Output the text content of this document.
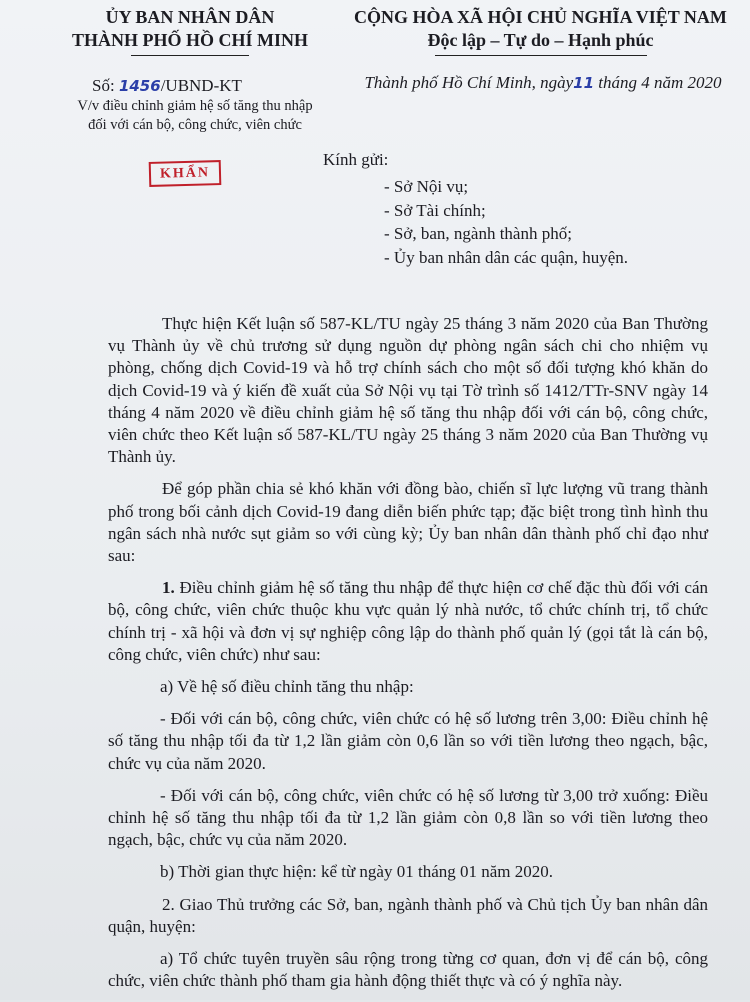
ỦY BAN NHÂN DÂN
THÀNH PHỐ HỒ CHÍ MINH
CỘNG HÒA XÃ HỘI CHỦ NGHĨA VIỆT NAM
Độc lập – Tự do – Hạnh phúc
Số: 1456/UBND-KT
V/v điều chỉnh giảm hệ số tăng thu nhập
đối với cán bộ, công chức, viên chức
Thành phố Hồ Chí Minh, ngày11 tháng 4 năm 2020
KHẨN
Kính gửi:
- Sở Nội vụ;
- Sở Tài chính;
- Sở, ban, ngành thành phố;
- Ủy ban nhân dân các quận, huyện.

Thực hiện Kết luận số 587-KL/TU ngày 25 tháng 3 năm 2020 của Ban Thường vụ Thành ủy về chủ trương sử dụng nguồn dự phòng ngân sách chi cho nhiệm vụ phòng, chống dịch Covid-19 và hỗ trợ chính sách cho một số đối tượng khó khăn do dịch Covid-19 và ý kiến đề xuất của Sở Nội vụ tại Tờ trình số 1412/TTr-SNV ngày 14 tháng 4 năm 2020 về điều chỉnh giảm hệ số tăng thu nhập đối với cán bộ, công chức, viên chức theo Kết luận số 587-KL/TU ngày 25 tháng 3 năm 2020 của Ban Thường vụ Thành ủy.

Để góp phần chia sẻ khó khăn với đồng bào, chiến sĩ lực lượng vũ trang thành phố trong bối cảnh dịch Covid-19 đang diễn biến phức tạp; đặc biệt trong tình hình thu ngân sách nhà nước sụt giảm so với cùng kỳ; Ủy ban nhân dân thành phố chỉ đạo như sau:

1. Điều chỉnh giảm hệ số tăng thu nhập để thực hiện cơ chế đặc thù đối với cán bộ, công chức, viên chức thuộc khu vực quản lý nhà nước, tổ chức chính trị, tổ chức chính trị - xã hội và đơn vị sự nghiệp công lập do thành phố quản lý (gọi tắt là cán bộ, công chức, viên chức) như sau:

a) Về hệ số điều chỉnh tăng thu nhập:

- Đối với cán bộ, công chức, viên chức có hệ số lương trên 3,00: Điều chỉnh hệ số tăng thu nhập tối đa từ 1,2 lần giảm còn 0,6 lần so với tiền lương theo ngạch, bậc, chức vụ của năm 2020.

- Đối với cán bộ, công chức, viên chức có hệ số lương từ 3,00 trở xuống: Điều chỉnh hệ số tăng thu nhập tối đa từ 1,2 lần giảm còn 0,8 lần so với tiền lương theo ngạch, bậc, chức vụ của năm 2020.

b) Thời gian thực hiện: kể từ ngày 01 tháng 01 năm 2020.

2. Giao Thủ trưởng các Sở, ban, ngành thành phố và Chủ tịch Ủy ban nhân dân quận, huyện:

a) Tổ chức tuyên truyền sâu rộng trong từng cơ quan, đơn vị để cán bộ, công chức, viên chức thành phố tham gia hành động thiết thực và có ý nghĩa này.
